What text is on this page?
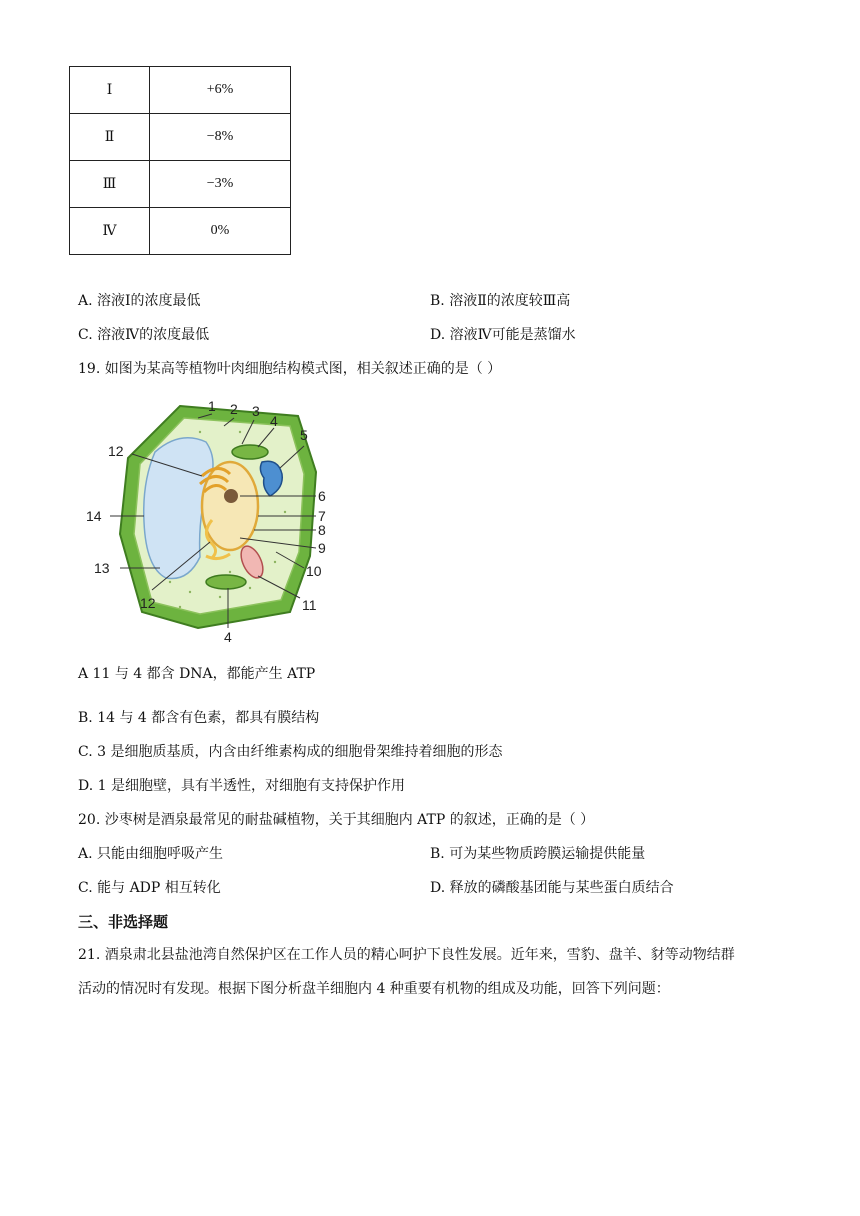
Ⅰ	+6%
Ⅱ	−8%
Ⅲ	−3%
Ⅳ	0%
A. 溶液Ⅰ的浓度最低	B. 溶液Ⅱ的浓度较Ⅲ高
C. 溶液Ⅳ的浓度最低	D. 溶液Ⅳ可能是蒸馏水
19. 如图为某高等植物叶肉细胞结构模式图，相关叙述正确的是（ ）
1 2 3
4
5
6
7
8
9
10
11
12
12
13
14
4
A 11 与 4 都含 DNA，都能产生 ATP
B. 14 与 4 都含有色素，都具有膜结构
C. 3 是细胞质基质，内含由纤维素构成的细胞骨架维持着细胞的形态
D. 1 是细胞壁，具有半透性，对细胞有支持保护作用
20. 沙枣树是酒泉最常见的耐盐碱植物，关于其细胞内 ATP 的叙述，正确的是（ ）
A. 只能由细胞呼吸产生	B. 可为某些物质跨膜运输提供能量
C. 能与 ADP 相互转化	D. 释放的磷酸基团能与某些蛋白质结合
三、非选择题
21. 酒泉肃北县盐池湾自然保护区在工作人员的精心呵护下良性发展。近年来，雪豹、盘羊、豺等动物结群
活动的情况时有发现。根据下图分析盘羊细胞内 4 种重要有机物的组成及功能，回答下列问题：
